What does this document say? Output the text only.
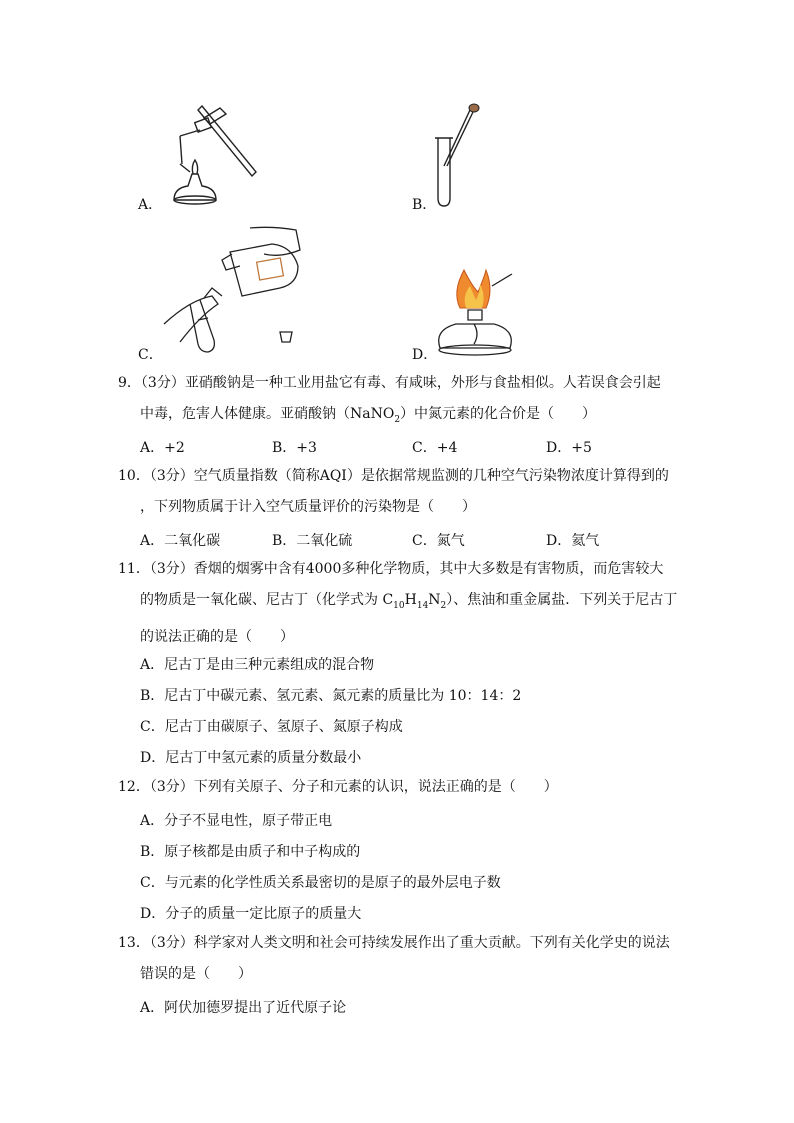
A．	B．
C．	D．
9．（3分）亚硝酸钠是一种工业用盐它有毒、有咸味，外形与食盐相似。人若误食会引起
中毒，危害人体健康。亚硝酸钠（NaNO$_2$）中氮元素的化合价是（　　）
A．+2	B．+3	C．+4	D．+5
10．（3分）空气质量指数（简称AQI）是依据常规监测的几种空气污染物浓度计算得到的
，下列物质属于计入空气质量评价的污染物是（　　）
A．二氧化碳	B．二氧化硫	C．氮气	D．氦气
11．（3分）香烟的烟雾中含有4000多种化学物质，其中大多数是有害物质，而危害较大
的物质是一氧化碳、尼古丁（化学式为 $C_{10}H_{14}N_2$）、焦油和重金属盐．下列关于尼古丁
的说法正确的是（　　）
A．尼古丁是由三种元素组成的混合物
B．尼古丁中碳元素、氢元素、氮元素的质量比为 10：14：2
C．尼古丁由碳原子、氢原子、氮原子构成
D．尼古丁中氢元素的质量分数最小
12．（3分）下列有关原子、分子和元素的认识，说法正确的是（　　）
A．分子不显电性，原子带正电
B．原子核都是由质子和中子构成的
C．与元素的化学性质关系最密切的是原子的最外层电子数
D．分子的质量一定比原子的质量大
13．（3分）科学家对人类文明和社会可持续发展作出了重大贡献。下列有关化学史的说法
错误的是（　　）
A．阿伏加德罗提出了近代原子论
